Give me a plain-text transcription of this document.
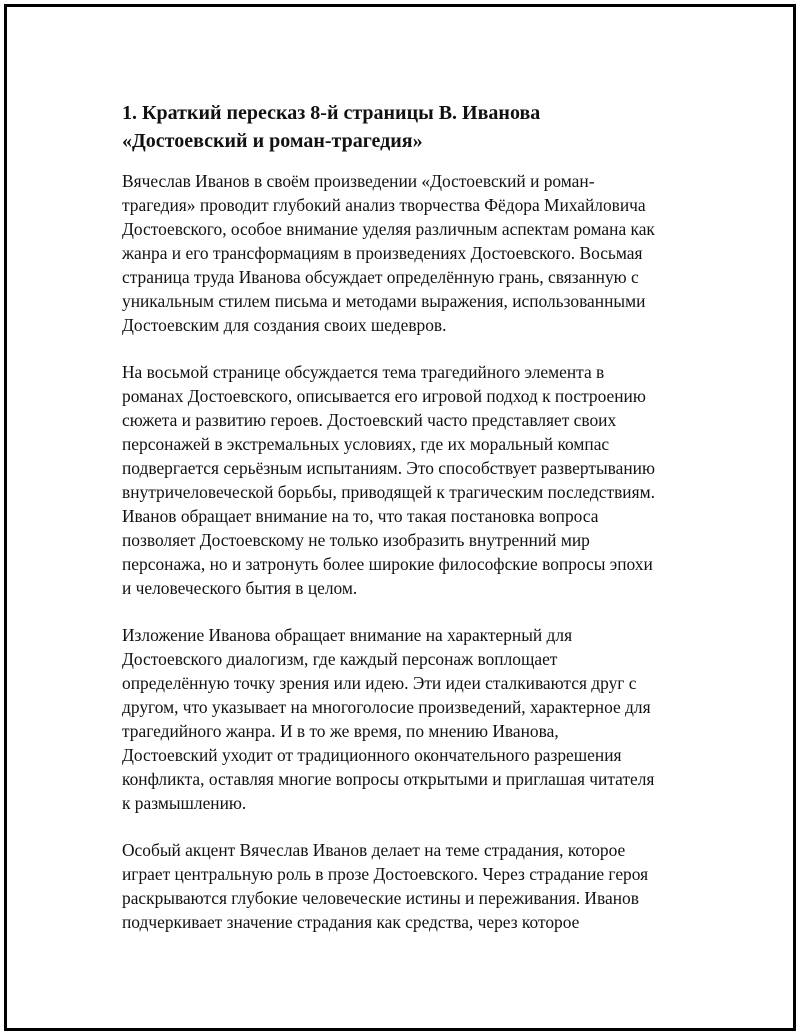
1. Краткий пересказ 8-й страницы В. Иванова
«Достоевский и роман-трагедия»
Вячеслав Иванов в своём произведении «Достоевский и роман-
трагедия» проводит глубокий анализ творчества Фёдора Михайловича
Достоевского, особое внимание уделяя различным аспектам романа как
жанра и его трансформациям в произведениях Достоевского. Восьмая
страница труда Иванова обсуждает определённую грань, связанную с
уникальным стилем письма и методами выражения, использованными
Достоевским для создания своих шедевров.
На восьмой странице обсуждается тема трагедийного элемента в
романах Достоевского, описывается его игровой подход к построению
сюжета и развитию героев. Достоевский часто представляет своих
персонажей в экстремальных условиях, где их моральный компас
подвергается серьёзным испытаниям. Это способствует развертыванию
внутричеловеческой борьбы, приводящей к трагическим последствиям.
Иванов обращает внимание на то, что такая постановка вопроса
позволяет Достоевскому не только изобразить внутренний мир
персонажа, но и затронуть более широкие философские вопросы эпохи
и человеческого бытия в целом.
Изложение Иванова обращает внимание на характерный для
Достоевского диалогизм, где каждый персонаж воплощает
определённую точку зрения или идею. Эти идеи сталкиваются друг с
другом, что указывает на многоголосие произведений, характерное для
трагедийного жанра. И в то же время, по мнению Иванова,
Достоевский уходит от традиционного окончательного разрешения
конфликта, оставляя многие вопросы открытыми и приглашая читателя
к размышлению.
Особый акцент Вячеслав Иванов делает на теме страдания, которое
играет центральную роль в прозе Достоевского. Через страдание героя
раскрываются глубокие человеческие истины и переживания. Иванов
подчеркивает значение страдания как средства, через которое
